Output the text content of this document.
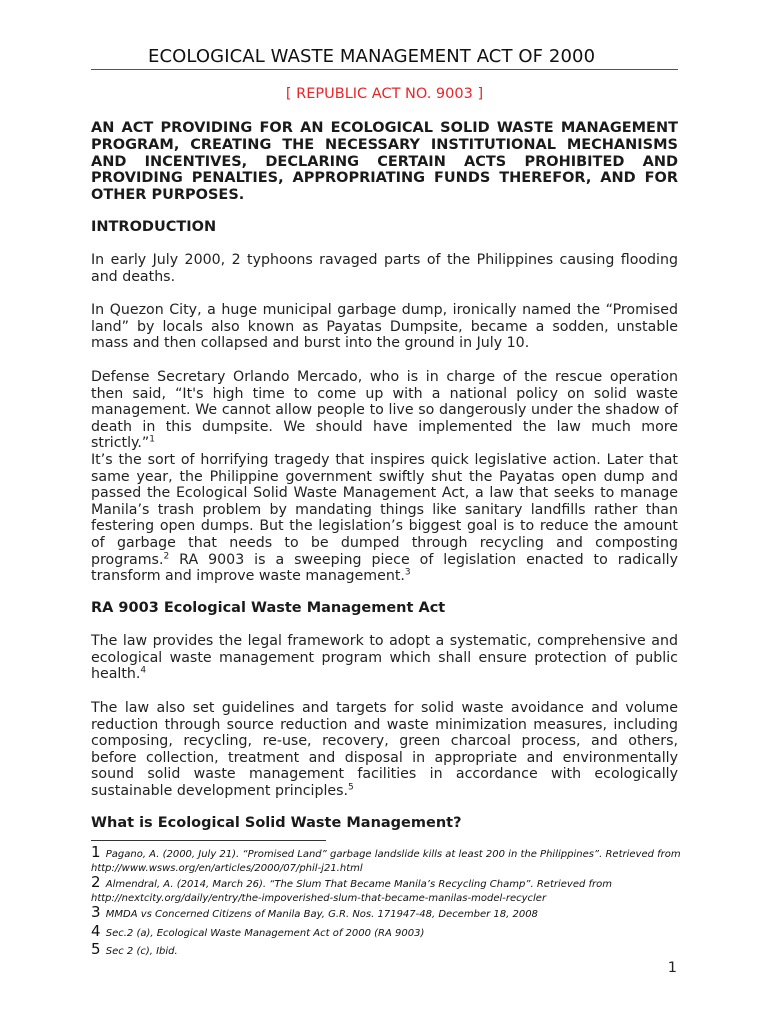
ECOLOGICAL WASTE MANAGEMENT ACT OF 2000
[ REPUBLIC ACT NO. 9003 ]

AN ACT PROVIDING FOR AN ECOLOGICAL SOLID WASTE MANAGEMENT PROGRAM, CREATING THE NECESSARY INSTITUTIONAL MECHANISMS AND INCENTIVES, DECLARING CERTAIN ACTS PROHIBITED AND PROVIDING PENALTIES, APPROPRIATING FUNDS THEREFOR, AND FOR OTHER PURPOSES.

INTRODUCTION

In early July 2000, 2 typhoons ravaged parts of the Philippines causing flooding and deaths.

In Quezon City, a huge municipal garbage dump, ironically named the “Promised land” by locals also known as Payatas Dumpsite, became a sodden, unstable mass and then collapsed and burst into the ground in July 10.

Defense Secretary Orlando Mercado, who is in charge of the rescue operation then said, “It's high time to come up with a national policy on solid waste management. We cannot allow people to live so dangerously under the shadow of death in this dumpsite. We should have implemented the law much more strictly.”$^1$

It’s the sort of horrifying tragedy that inspires quick legislative action. Later that same year, the Philippine government swiftly shut the Payatas open dump and passed the Ecological Solid Waste Management Act, a law that seeks to manage Manila’s trash problem by mandating things like sanitary landfills rather than festering open dumps. But the legislation’s biggest goal is to reduce the amount of garbage that needs to be dumped through recycling and composting programs.$^2$ RA 9003 is a sweeping piece of legislation enacted to radically transform and improve waste management.$^3$

RA 9003 Ecological Waste Management Act

The law provides the legal framework to adopt a systematic, comprehensive and ecological waste management program which shall ensure protection of public health.$^4$

The law also set guidelines and targets for solid waste avoidance and volume reduction through source reduction and waste minimization measures, including composing, recycling, re-use, recovery, green charcoal process, and others, before collection, treatment and disposal in appropriate and environmentally sound solid waste management facilities in accordance with ecologically sustainable development principles.$^5$

What is Ecological Solid Waste Management?

1 Pagano, A. (2000, July 21). “Promised Land” garbage landslide kills at least 200 in the Philippines”. Retrieved from http://www.wsws.org/en/articles/2000/07/phil-j21.html

2 Almendral, A. (2014, March 26). “The Slum That Became Manila’s Recycling Champ”. Retrieved from http://nextcity.org/daily/entry/the-impoverished-slum-that-became-manilas-model-recycler

3 MMDA vs Concerned Citizens of Manila Bay, G.R. Nos. 171947-48, December 18, 2008

4 Sec.2 (a), Ecological Waste Management Act of 2000 (RA 9003)

5 Sec 2 (c), Ibid.

1
